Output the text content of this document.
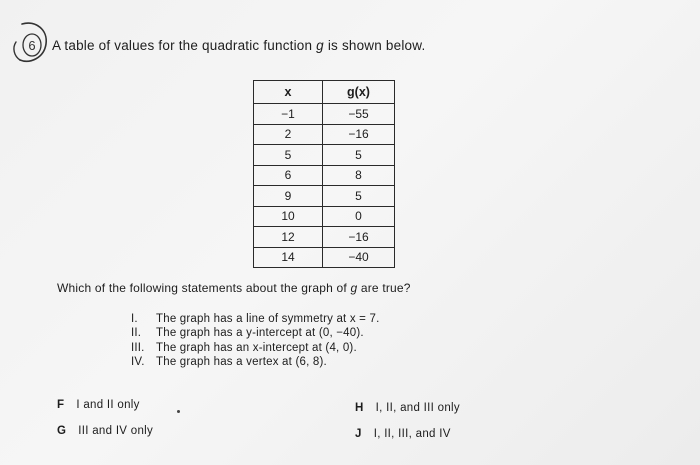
6 A table of values for the quadratic function g is shown below.
x	g(x)
−1	−55
2	−16
5	5
6	8
9	5
10	0
12	−16
14	−40
Which of the following statements about the graph of g are true?
I.	The graph has a line of symmetry at x = 7.
II.	The graph has a y-intercept at (0, −40).
III. The graph has an x-intercept at (4, 0).
IV. The graph has a vertex at (6, 8).
F I and II only
G III and IV only
H I, II, and III only
J I, II, III, and IV
